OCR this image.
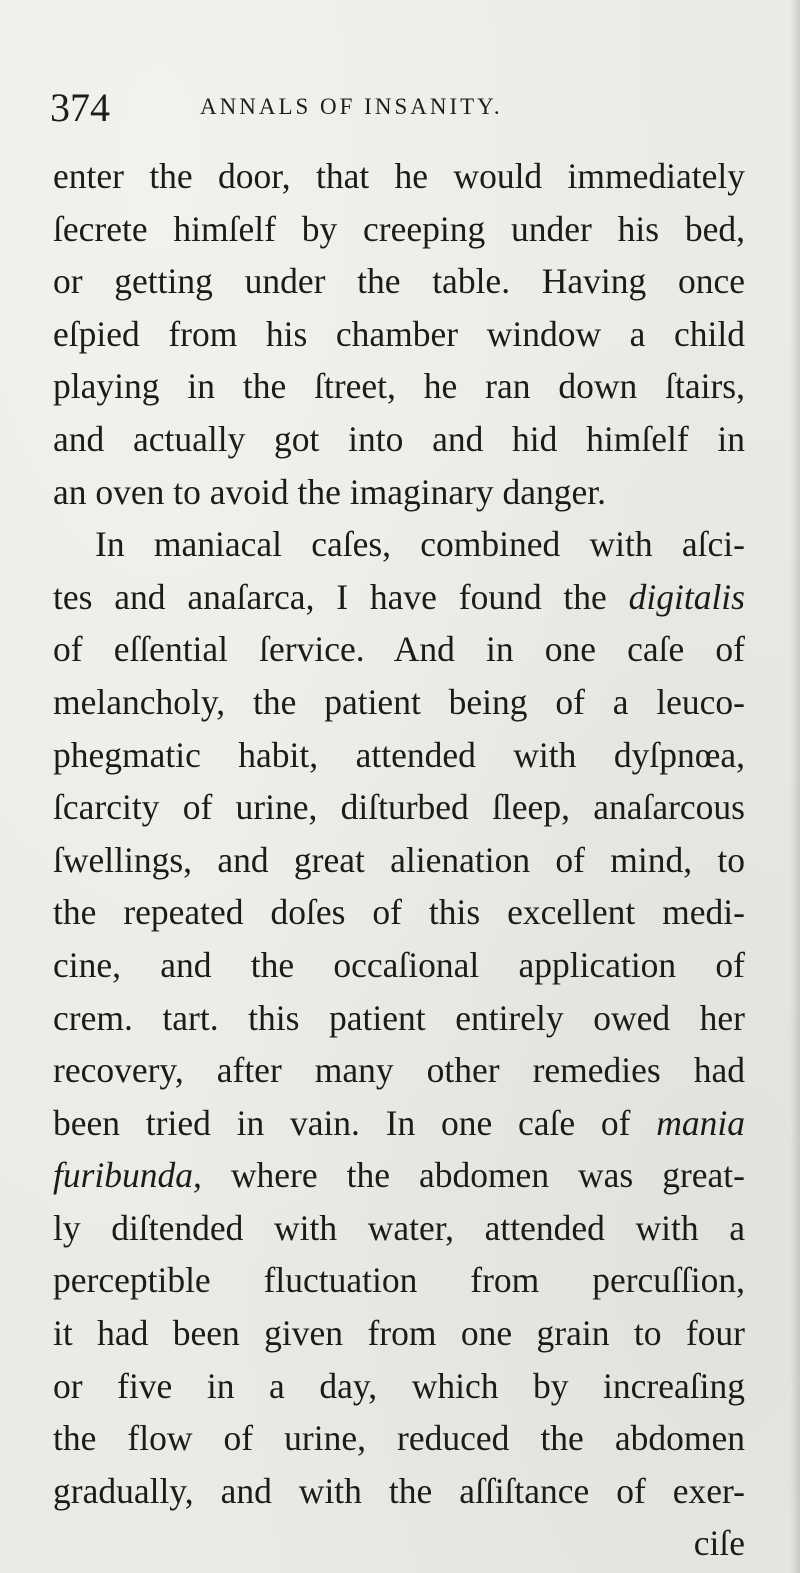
374	ANNALS OF INSANITY.
enter the door, that he would immediately
ſecrete himſelf by creeping under his bed,
or getting under the table. Having once
eſpied from his chamber window a child
playing in the ſtreet, he ran down ſtairs,
and actually got into and hid himſelf in
an oven to avoid the imaginary danger.
In maniacal caſes, combined with aſci-
tes and anaſarca, I have found the digitalis
of eſſential ſervice. And in one caſe of
melancholy, the patient being of a leuco-
phegmatic habit, attended with dyſpnœa,
ſcarcity of urine, diſturbed ſleep, anaſarcous
ſwellings, and great alienation of mind, to
the repeated doſes of this excellent medi-
cine, and the occaſional application of
crem. tart. this patient entirely owed her
recovery, after many other remedies had
been tried in vain. In one caſe of mania
furibunda, where the abdomen was great-
ly diſtended with water, attended with a
perceptible fluctuation from percuſſion,
it had been given from one grain to four
or five in a day, which by increaſing
the flow of urine, reduced the abdomen
gradually, and with the aſſiſtance of exer-
ciſe
